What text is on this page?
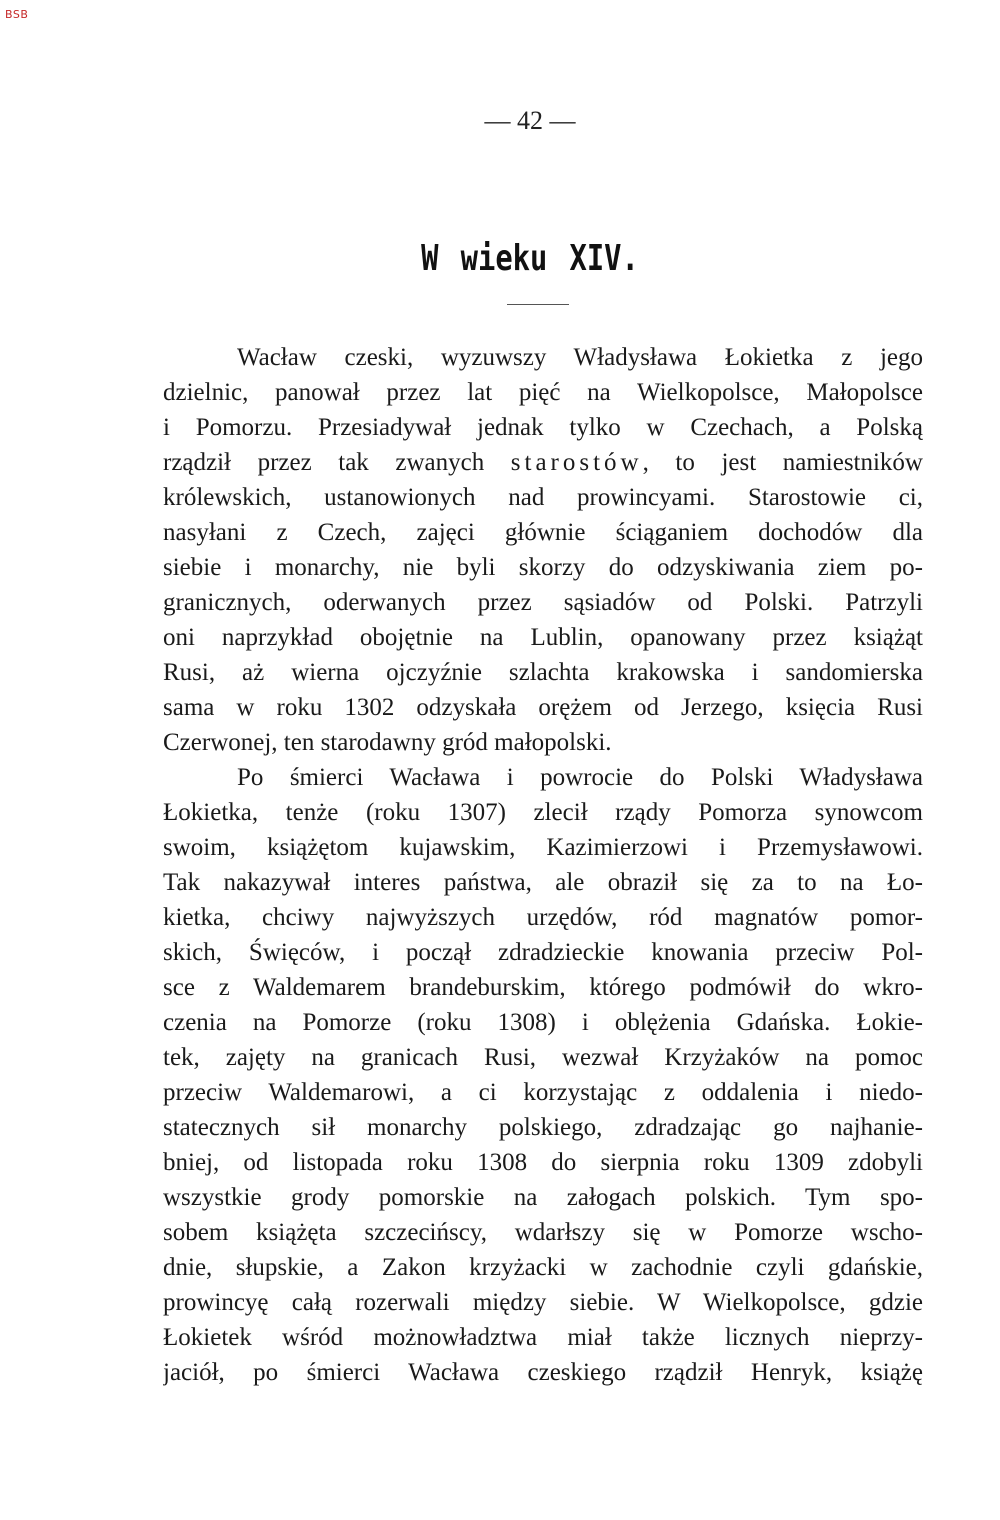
BSB
— 42 —
W wieku XIV.
Wacław czeski, wyzuwszy Władysława Łokietka z jego
dzielnic, panował przez lat pięć na Wielkopolsce, Małopolsce
i Pomorzu. Przesiadywał jednak tylko w Czechach, a Polską
rządził przez tak zwanych starostów, to jest namiestników
królewskich, ustanowionych nad prowincyami. Starostowie ci,
nasyłani z Czech, zajęci głównie ściąganiem dochodów dla
siebie i monarchy, nie byli skorzy do odzyskiwania ziem po-
granicznych, oderwanych przez sąsiadów od Polski. Patrzyli
oni naprzykład obojętnie na Lublin, opanowany przez książąt
Rusi, aż wierna ojczyźnie szlachta krakowska i sandomierska
sama w roku 1302 odzyskała orężem od Jerzego, księcia Rusi
Czerwonej, ten starodawny gród małopolski.
Po śmierci Wacława i powrocie do Polski Władysława
Łokietka, tenże (roku 1307) zlecił rządy Pomorza synowcom
swoim, książętom kujawskim, Kazimierzowi i Przemysławowi.
Tak nakazywał interes państwa, ale obraził się za to na Ło-
kietka, chciwy najwyższych urzędów, ród magnatów pomor-
skich, Święców, i począł zdradzieckie knowania przeciw Pol-
sce z Waldemarem brandeburskim, którego podmówił do wkro-
czenia na Pomorze (roku 1308) i oblężenia Gdańska. Łokie-
tek, zajęty na granicach Rusi, wezwał Krzyżaków na pomoc
przeciw Waldemarowi, a ci korzystając z oddalenia i niedo-
statecznych sił monarchy polskiego, zdradzając go najhanie-
bniej, od listopada roku 1308 do sierpnia roku 1309 zdobyli
wszystkie grody pomorskie na załogach polskich. Tym spo-
sobem książęta szczecińscy, wdarłszy się w Pomorze wscho-
dnie, słupskie, a Zakon krzyżacki w zachodnie czyli gdańskie,
prowincyę całą rozerwali między siebie. W Wielkopolsce, gdzie
Łokietek wśród możnowładztwa miał także licznych nieprzy-
jaciół, po śmierci Wacława czeskiego rządził Henryk, książę
